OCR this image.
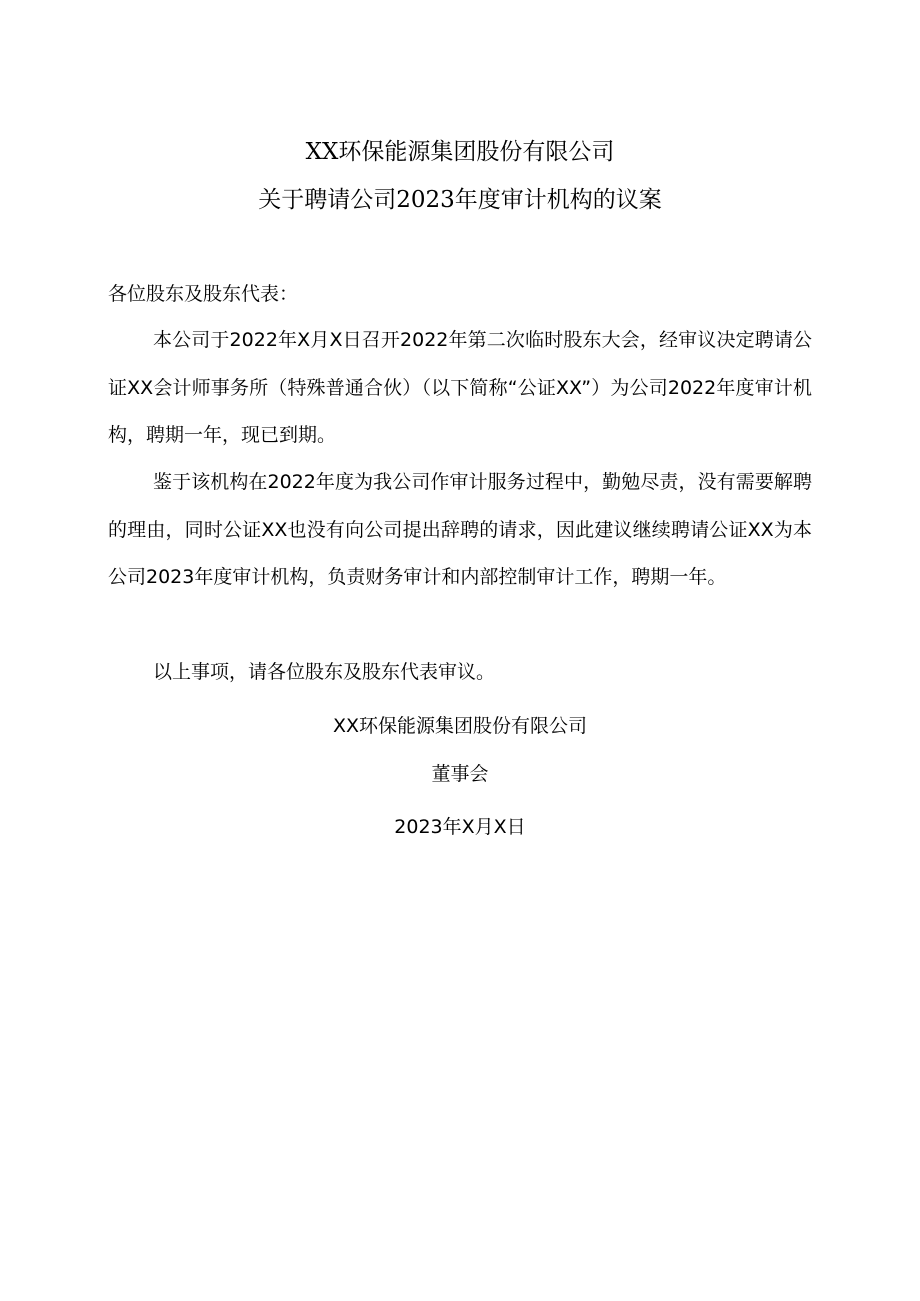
XX环保能源集团股份有限公司
关于聘请公司2023年度审计机构的议案
各位股东及股东代表：
本公司于2022年X月X日召开2022年第二次临时股东大会，经审议决定聘请公证XX会计师事务所（特殊普通合伙）（以下简称“公证XX”）为公司2022年度审计机构，聘期一年，现已到期。
鉴于该机构在2022年度为我公司作审计服务过程中，勤勉尽责，没有需要解聘的理由，同时公证XX也没有向公司提出辞聘的请求，因此建议继续聘请公证XX为本公司2023年度审计机构，负责财务审计和内部控制审计工作，聘期一年。
以上事项，请各位股东及股东代表审议。
XX环保能源集团股份有限公司
董事会
2023年X月X日
